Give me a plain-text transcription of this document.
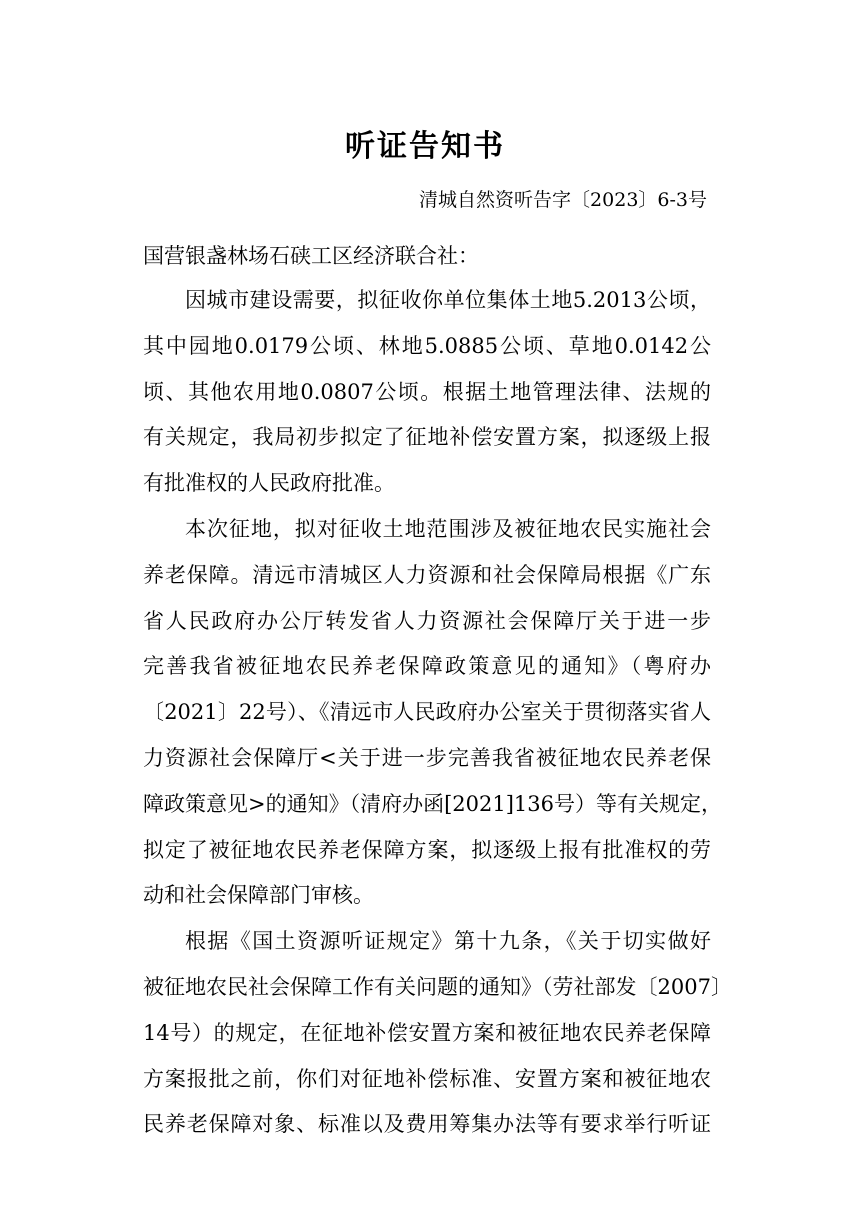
听证告知书
清城自然资听告字〔2023〕6-3号
国营银盏林场石硖工区经济联合社：
因城市建设需要，拟征收你单位集体土地5.2013公顷，
其中园地0.0179公顷、林地5.0885公顷、草地0.0142公
顷、其他农用地0.0807公顷。根据土地管理法律、法规的
有关规定，我局初步拟定了征地补偿安置方案，拟逐级上报
有批准权的人民政府批准。
本次征地，拟对征收土地范围涉及被征地农民实施社会
养老保障。清远市清城区人力资源和社会保障局根据《广东
省人民政府办公厅转发省人力资源社会保障厅关于进一步
完善我省被征地农民养老保障政策意见的通知》（粤府办
〔2021〕22号）、《清远市人民政府办公室关于贯彻落实省人
力资源社会保障厅<关于进一步完善我省被征地农民养老保
障政策意见>的通知》（清府办函[2021]136号）等有关规定，
拟定了被征地农民养老保障方案，拟逐级上报有批准权的劳
动和社会保障部门审核。
根据《国土资源听证规定》第十九条，《关于切实做好
被征地农民社会保障工作有关问题的通知》（劳社部发〔2007〕
14号）的规定，在征地补偿安置方案和被征地农民养老保障
方案报批之前，你们对征地补偿标准、安置方案和被征地农
民养老保障对象、标准以及费用筹集办法等有要求举行听证
